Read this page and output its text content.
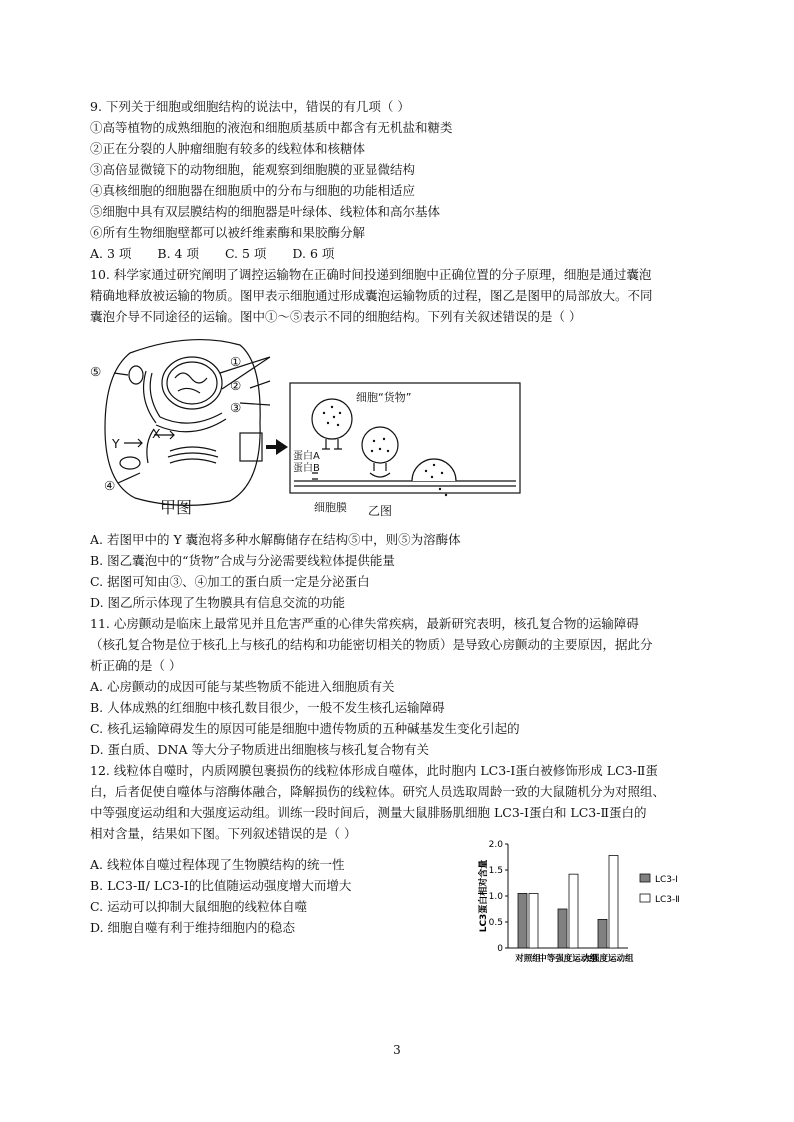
9. 下列关于细胞或细胞结构的说法中，错误的有几项（ ）
①高等植物的成熟细胞的液泡和细胞质基质中都含有无机盐和糖类
②正在分裂的人肿瘤细胞有较多的线粒体和核糖体
③高倍显微镜下的动物细胞，能观察到细胞膜的亚显微结构
④真核细胞的细胞器在细胞质中的分布与细胞的功能相适应
⑤细胞中具有双层膜结构的细胞器是叶绿体、线粒体和高尔基体
⑥所有生物细胞壁都可以被纤维素酶和果胶酶分解
A. 3 项 B. 4 项 C. 5 项 D. 6 项
10. 科学家通过研究阐明了调控运输物在正确时间投递到细胞中正确位置的分子原理，细胞是通过囊泡
精确地释放被运输的物质。图甲表示细胞通过形成囊泡运输物质的过程，图乙是图甲的局部放大。不同
囊泡介导不同途径的运输。图中①～⑤表示不同的细胞结构。下列有关叙述错误的是（ ）
①
②
③
④
⑤
Y
X
甲图
细胞“货物”
蛋白A
蛋白B
细胞膜 乙图
A. 若图甲中的 Y 囊泡将多种水解酶储存在结构⑤中，则⑤为溶酶体
B. 图乙囊泡中的“货物”合成与分泌需要线粒体提供能量
C. 据图可知由③、④加工的蛋白质一定是分泌蛋白
D. 图乙所示体现了生物膜具有信息交流的功能
11. 心房颤动是临床上最常见并且危害严重的心律失常疾病，最新研究表明，核孔复合物的运输障碍
（核孔复合物是位于核孔上与核孔的结构和功能密切相关的物质）是导致心房颤动的主要原因，据此分
析正确的是（ ）
A. 心房颤动的成因可能与某些物质不能进入细胞质有关
B. 人体成熟的红细胞中核孔数目很少，一般不发生核孔运输障碍
C. 核孔运输障碍发生的原因可能是细胞中遗传物质的五种碱基发生变化引起的
D. 蛋白质、DNA 等大分子物质进出细胞核与核孔复合物有关
12. 线粒体自噬时，内质网膜包裹损伤的线粒体形成自噬体，此时胞内 LC3-Ⅰ蛋白被修饰形成 LC3-Ⅱ蛋
白，后者促使自噬体与溶酶体融合，降解损伤的线粒体。研究人员选取周龄一致的大鼠随机分为对照组、
中等强度运动组和大强度运动组。训练一段时间后，测量大鼠腓肠肌细胞 LC3-Ⅰ蛋白和 LC3-Ⅱ蛋白的
相对含量，结果如下图。下列叙述错误的是（ ）
A. 线粒体自噬过程体现了生物膜结构的统一性
B. LC3-Ⅱ/ LC3-Ⅰ的比值随运动强度增大而增大
C. 运动可以抑制大鼠细胞的线粒体自噬
D. 细胞自噬有利于维持细胞内的稳态
0
0.5
1.0
1.5
2.0
LC3蛋白相对含量
对照组
中等强度运动组
大强度运动组
LC3-Ⅰ
LC3-Ⅱ
3
